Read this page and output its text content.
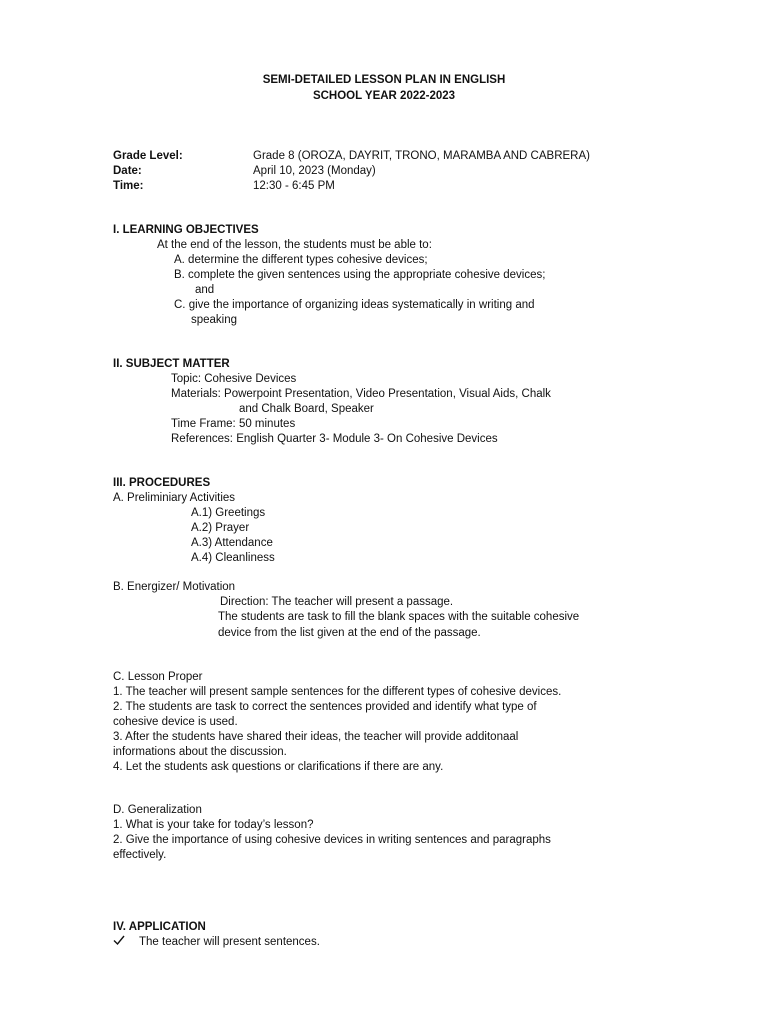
SEMI-DETAILED LESSON PLAN IN ENGLISH
SCHOOL YEAR 2022-2023
Grade Level:	Grade 8 (OROZA, DAYRIT, TRONO, MARAMBA AND CABRERA)
Date:	April 10, 2023 (Monday)
Time:	12:30 - 6:45 PM
I. LEARNING OBJECTIVES
At the end of the lesson, the students must be able to:
A. determine the different types cohesive devices;
B. complete the given sentences using the appropriate cohesive devices;
and
C. give the importance of organizing ideas systematically in writing and
speaking
II. SUBJECT MATTER
Topic: Cohesive Devices
Materials: Powerpoint Presentation, Video Presentation, Visual Aids, Chalk
and Chalk Board, Speaker
Time Frame: 50 minutes
References: English Quarter 3- Module 3- On Cohesive Devices
III. PROCEDURES
A. Preliminiary Activities
A.1) Greetings
A.2) Prayer
A.3) Attendance
A.4) Cleanliness
B. Energizer/ Motivation
Direction: The teacher will present a passage.
The students are task to fill the blank spaces with the suitable cohesive
device from the list given at the end of the passage.
C. Lesson Proper
1. The teacher will present sample sentences for the different types of cohesive devices.
2. The students are task to correct the sentences provided and identify what type of
cohesive device is used.
3. After the students have shared their ideas, the teacher will provide additonaal
informations about the discussion.
4. Let the students ask questions or clarifications if there are any.
D. Generalization
1. What is your take for today’s lesson?
2. Give the importance of using cohesive devices in writing sentences and paragraphs
effectively.
IV. APPLICATION
The teacher will present sentences.
